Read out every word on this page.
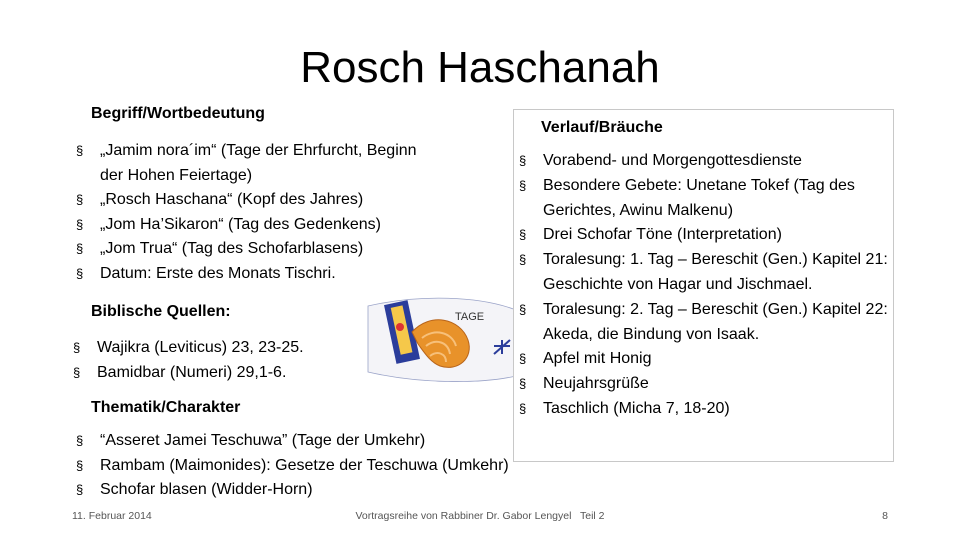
Rosch Haschanah
Begriff/Wortbedeutung
§ „Jamim nora´im“ (Tage der Ehrfurcht, Beginn der Hohen Feiertage)
§ „Rosch Haschana“ (Kopf des Jahres)
§ „Jom Ha’Sikaron“ (Tag des Gedenkens)
§ „Jom Trua“ (Tag des Schofarblasens)
§ Datum: Erste des Monats Tischri.
Biblische Quellen:
§ Wajikra (Leviticus) 23, 23-25.
§ Bamidbar (Numeri) 29,1-6.
TAGE
Thematik/Charakter
§ “Asseret Jamei Teschuwa” (Tage der Umkehr)
§ Rambam (Maimonides): Gesetze der Teschuwa (Umkehr)
§ Schofar blasen (Widder-Horn)
Verlauf/Bräuche
§ Vorabend- und Morgengottesdienste
§ Besondere Gebete: Unetane Tokef (Tag des Gerichtes, Awinu Malkenu)
§ Drei Schofar Töne (Interpretation)
§ Toralesung: 1. Tag – Bereschit (Gen.) Kapitel 21: Geschichte von Hagar und Jischmael.
§ Toralesung: 2. Tag – Bereschit (Gen.) Kapitel 22: Akeda, die Bindung von Isaak.
§ Apfel mit Honig
§ Neujahrsgrüße
§ Taschlich (Micha 7, 18-20)
11. Februar 2014	Vortragsreihe von Rabbiner Dr. Gabor Lengyel   Teil 2	8
